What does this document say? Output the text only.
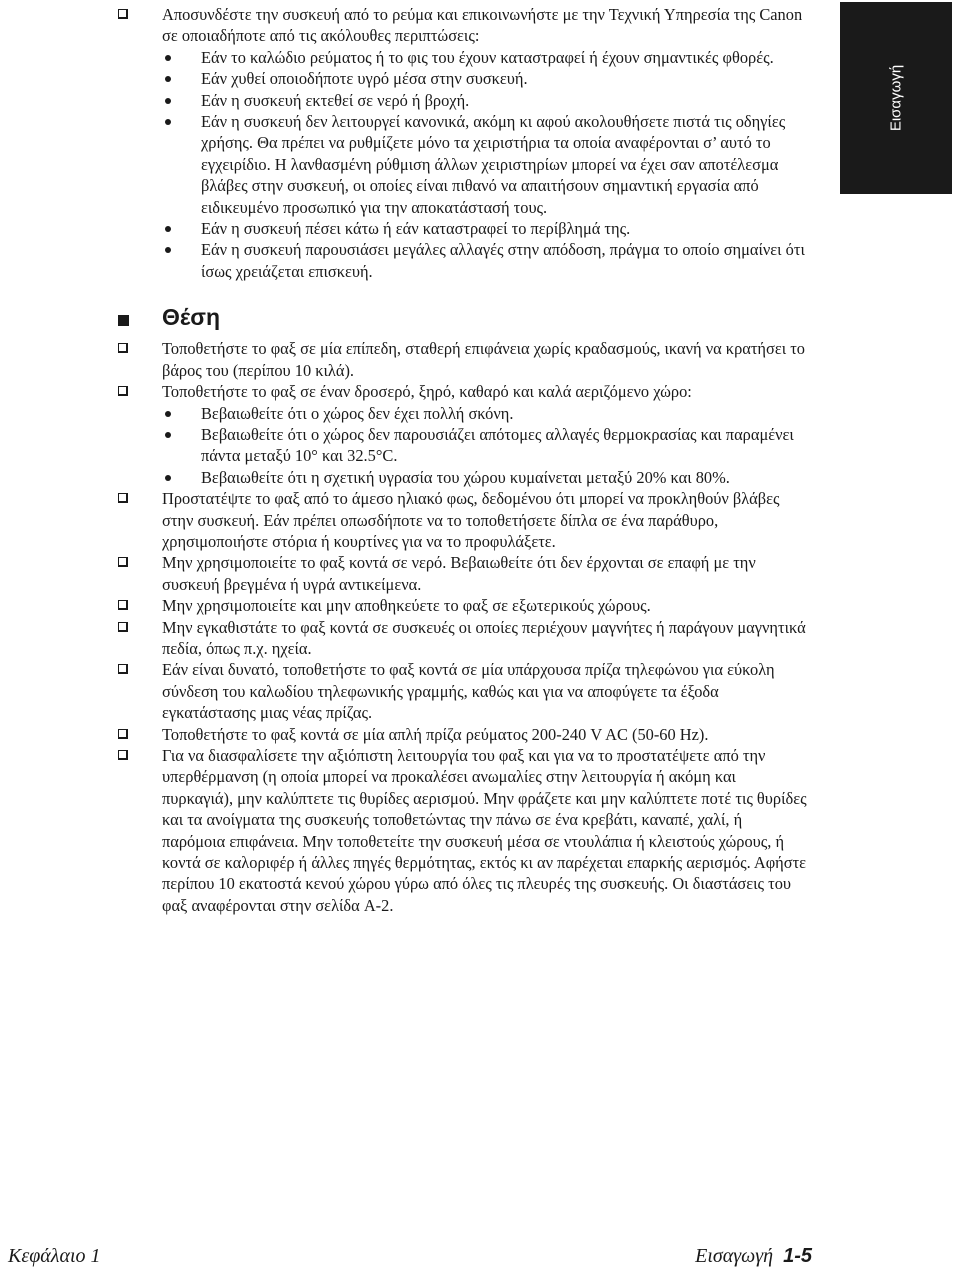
Εισαγωγή
Αποσυνδέστε την συσκευή από το ρεύμα και επικοινωνήστε με την Τεχνική Υπηρεσία της Canon σε οποιαδήποτε από τις ακόλουθες περιπτώσεις:
Εάν το καλώδιο ρεύματος ή το φις του έχουν καταστραφεί ή έχουν σημαντικές φθορές.
Εάν χυθεί οποιοδήποτε υγρό μέσα στην συσκευή.
Εάν η συσκευή εκτεθεί σε νερό ή βροχή.
Εάν η συσκευή δεν λειτουργεί κανονικά, ακόμη κι αφού ακολουθήσετε πιστά τις οδηγίες χρήσης. Θα πρέπει να ρυθμίζετε μόνο τα χειριστήρια τα οποία αναφέρονται σ’ αυτό το εγχειρίδιο. Η λανθασμένη ρύθμιση άλλων χειριστηρίων μπορεί να έχει σαν αποτέλεσμα βλάβες στην συσκευή, οι οποίες είναι πιθανό να απαιτήσουν σημαντική εργασία από ειδικευμένο προσωπικό για την αποκατάστασή τους.
Εάν η συσκευή πέσει κάτω ή εάν καταστραφεί το περίβλημά της.
Εάν η συσκευή παρουσιάσει μεγάλες αλλαγές στην απόδοση, πράγμα το οποίο σημαίνει ότι ίσως χρειάζεται επισκευή.
Θέση
Τοποθετήστε το φαξ σε μία επίπεδη, σταθερή επιφάνεια χωρίς κραδασμούς, ικανή να κρατήσει το βάρος του (περίπου 10 κιλά).
Τοποθετήστε το φαξ σε έναν δροσερό, ξηρό, καθαρό και καλά αεριζόμενο χώρο:
Βεβαιωθείτε ότι ο χώρος δεν έχει πολλή σκόνη.
Βεβαιωθείτε ότι ο χώρος δεν παρουσιάζει απότομες αλλαγές θερμοκρασίας και παραμένει πάντα μεταξύ 10° και 32.5°C.
Βεβαιωθείτε ότι η σχετική υγρασία του χώρου κυμαίνεται μεταξύ 20% και 80%.
Προστατέψτε το φαξ από το άμεσο ηλιακό φως, δεδομένου ότι μπορεί να προκληθούν βλάβες στην συσκευή. Εάν πρέπει οπωσδήποτε να το τοποθετήσετε δίπλα σε ένα παράθυρο, χρησιμοποιήστε στόρια ή κουρτίνες για να το προφυλάξετε.
Μην χρησιμοποιείτε το φαξ κοντά σε νερό. Βεβαιωθείτε ότι δεν έρχονται σε επαφή με την συσκευή βρεγμένα ή υγρά αντικείμενα.
Μην χρησιμοποιείτε και μην αποθηκεύετε το φαξ σε εξωτερικούς χώρους.
Μην εγκαθιστάτε το φαξ κοντά σε συσκευές οι οποίες περιέχουν μαγνήτες ή παράγουν μαγνητικά πεδία, όπως π.χ. ηχεία.
Εάν είναι δυνατό, τοποθετήστε το φαξ κοντά σε μία υπάρχουσα πρίζα τηλεφώνου για εύκολη σύνδεση του καλωδίου τηλεφωνικής γραμμής, καθώς και για να αποφύγετε τα έξοδα εγκατάστασης μιας νέας πρίζας.
Τοποθετήστε το φαξ κοντά σε μία απλή πρίζα ρεύματος 200-240 V AC (50-60 Hz).
Για να διασφαλίσετε την αξιόπιστη λειτουργία του φαξ και για να το προστατέψετε από την υπερθέρμανση (η οποία μπορεί να προκαλέσει ανωμαλίες στην λειτουργία ή ακόμη και πυρκαγιά), μην καλύπτετε τις θυρίδες αερισμού. Μην φράζετε και μην καλύπτετε ποτέ τις θυρίδες και τα ανοίγματα της συσκευής τοποθετώντας την πάνω σε ένα κρεβάτι, καναπέ, χαλί, ή παρόμοια επιφάνεια. Μην τοποθετείτε την συσκευή μέσα σε ντουλάπια ή κλειστούς χώρους, ή κοντά σε καλοριφέρ ή άλλες πηγές θερμότητας, εκτός κι αν παρέχεται επαρκής αερισμός. Αφήστε περίπου 10 εκατοστά κενού χώρου γύρω από όλες τις πλευρές της συσκευής. Οι διαστάσεις του φαξ αναφέρονται στην σελίδα A-2.
Κεφάλαιο 1	Εισαγωγή 1-5
